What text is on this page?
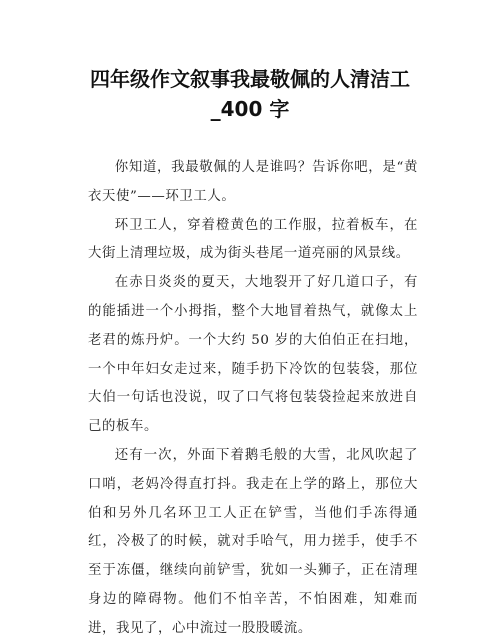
四年级作文叙事我最敬佩的人清洁工
_400 字

你知道，我最敬佩的人是谁吗？告诉你吧，是“黄衣天使”——环卫工人。

环卫工人，穿着橙黄色的工作服，拉着板车，在大街上清理垃圾，成为街头巷尾一道亮丽的风景线。

在赤日炎炎的夏天，大地裂开了好几道口子，有的能插进一个小拇指，整个大地冒着热气，就像太上老君的炼丹炉。一个大约 50 岁的大伯伯正在扫地，一个中年妇女走过来，随手扔下冷饮的包装袋，那位大伯一句话也没说，叹了口气将包装袋捡起来放进自己的板车。

还有一次，外面下着鹅毛般的大雪，北风吹起了口哨，老妈冷得直打抖。我走在上学的路上，那位大伯和另外几名环卫工人正在铲雪，当他们手冻得通红，冷极了的时候，就对手哈气，用力搓手，使手不至于冻僵，继续向前铲雪，犹如一头狮子，正在清理身边的障碍物。他们不怕辛苦，不怕困难，知难而进，我见了，心中流过一股股暖流。
